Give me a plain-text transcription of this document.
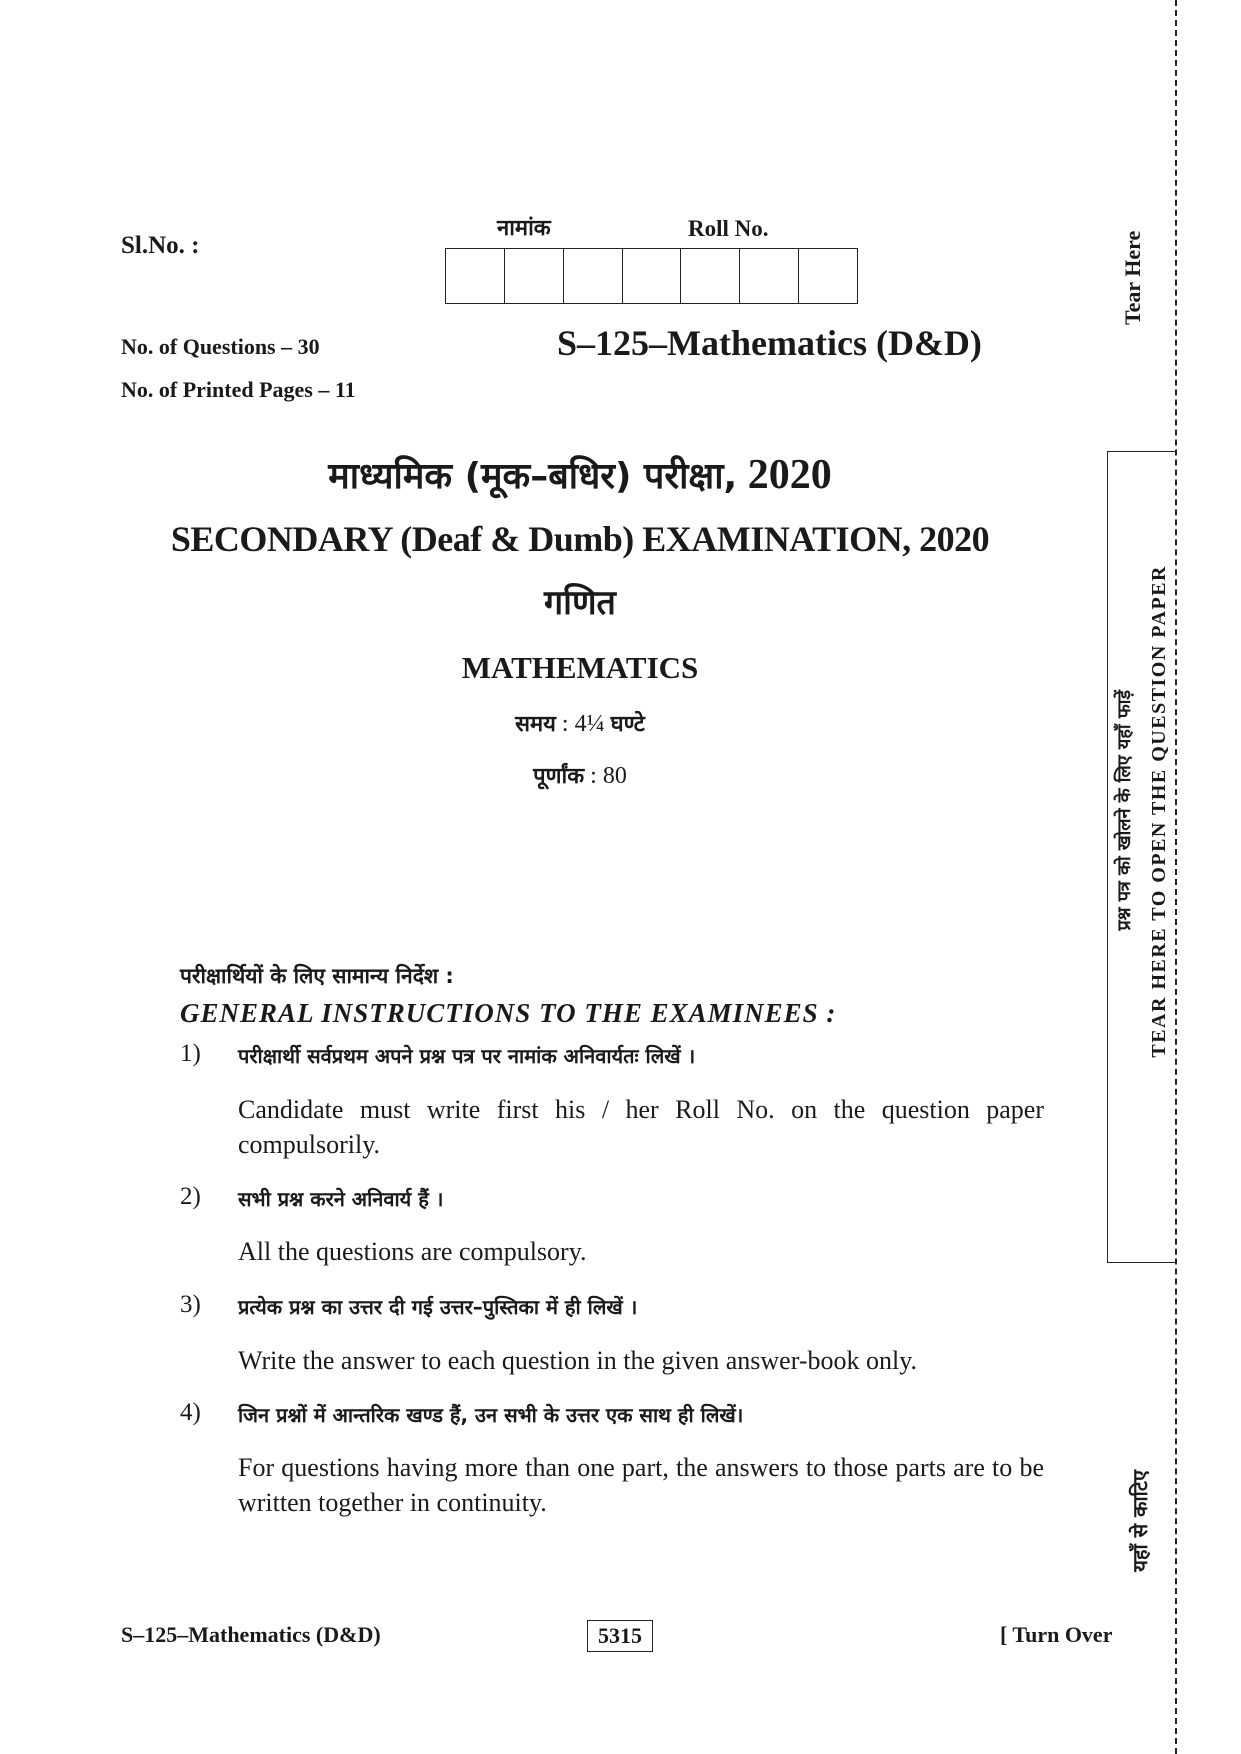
Sl.No. :
नामांक	Roll No.
No. of Questions – 30
No. of Printed Pages – 11
S–125–Mathematics (D&D)
माध्यमिक (मूक–बधिर) परीक्षा, 2020
SECONDARY (Deaf & Dumb) EXAMINATION, 2020
गणित
MATHEMATICS
समय : 4¼ घण्टे
पूर्णांक : 80
परीक्षार्थियों के लिए सामान्य निर्देश :
GENERAL INSTRUCTIONS TO THE EXAMINEES :
1) परीक्षार्थी सर्वप्रथम अपने प्रश्न पत्र पर नामांक अनिवार्यतः लिखें ।
Candidate must write first his / her Roll No. on the question paper compulsorily.
2) सभी प्रश्न करने अनिवार्य हैं ।
All the questions are compulsory.
3) प्रत्येक प्रश्न का उत्तर दी गई उत्तर–पुस्तिका में ही लिखें ।
Write the answer to each question in the given answer-book only.
4) जिन प्रश्नों में आन्तरिक खण्ड हैं, उन सभी के उत्तर एक साथ ही लिखें।
For questions having more than one part, the answers to those parts are to be written together in continuity.
S–125–Mathematics (D&D)	5315	[ Turn Over
Tear Here
प्रश्न पत्र को खोलने के लिए यहाँ फाड़ें TEAR HERE TO OPEN THE QUESTION PAPER
यहाँ से काटिए
